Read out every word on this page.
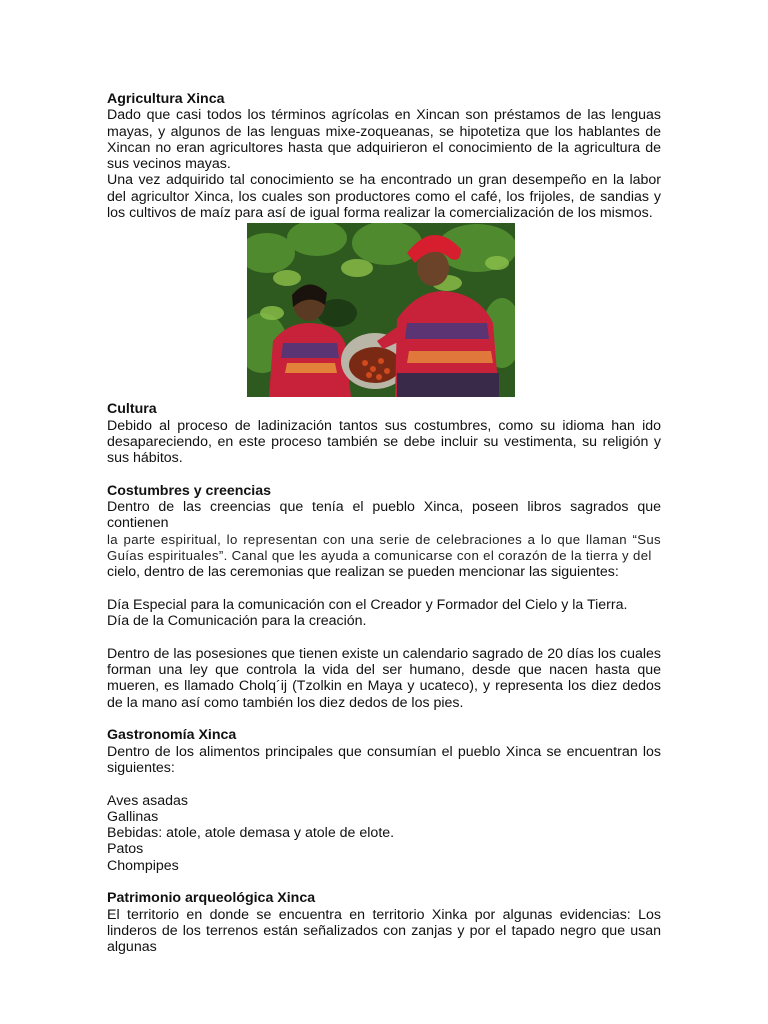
Agricultura Xinca

Dado que casi todos los términos agrícolas en Xincan son préstamos de las lenguas mayas, y algunos de las lenguas mixe-zoqueanas, se hipotetiza que los hablantes de Xincan no eran agricultores hasta que adquirieron el conocimiento de la agricultura de sus vecinos mayas.

Una vez adquirido tal conocimiento se ha encontrado un gran desempeño en la labor del agricultor Xinca, los cuales son productores como el café, los frijoles, de sandias y los cultivos de maíz para así de igual forma realizar la comercialización de los mismos.

Cultura

Debido al proceso de ladinización tantos sus costumbres, como su idioma han ido desapareciendo, en este proceso también se debe incluir su vestimenta, su religión y sus hábitos.

Costumbres y creencias

Dentro de las creencias que tenía el pueblo Xinca, poseen libros sagrados que contienen

la parte espiritual, lo representan con una serie de celebraciones a lo que llaman “Sus Guías espirituales”. Canal que les ayuda a comunicarse con el corazón de la tierra y del

cielo, dentro de las ceremonias que realizan se pueden mencionar las siguientes:

Día Especial para la comunicación con el Creador y Formador del Cielo y la Tierra.

Día de la Comunicación para la creación.

Dentro de las posesiones que tienen existe un calendario sagrado de 20 días los cuales forman una ley que controla la vida del ser humano, desde que nacen hasta que mueren, es llamado Cholq´ij (Tzolkin en Maya y ucateco), y representa los diez dedos de la mano así como también los diez dedos de los pies.

Gastronomía Xinca

Dentro de los alimentos principales que consumían el pueblo Xinca se encuentran los siguientes:

Aves asadas
Gallinas
Bebidas: atole, atole demasa y atole de elote.
Patos
Chompipes

Patrimonio arqueológica Xinca

El territorio en donde se encuentra en territorio Xinka por algunas evidencias: Los linderos de los terrenos están señalizados con zanjas y por el tapado negro que usan algunas
